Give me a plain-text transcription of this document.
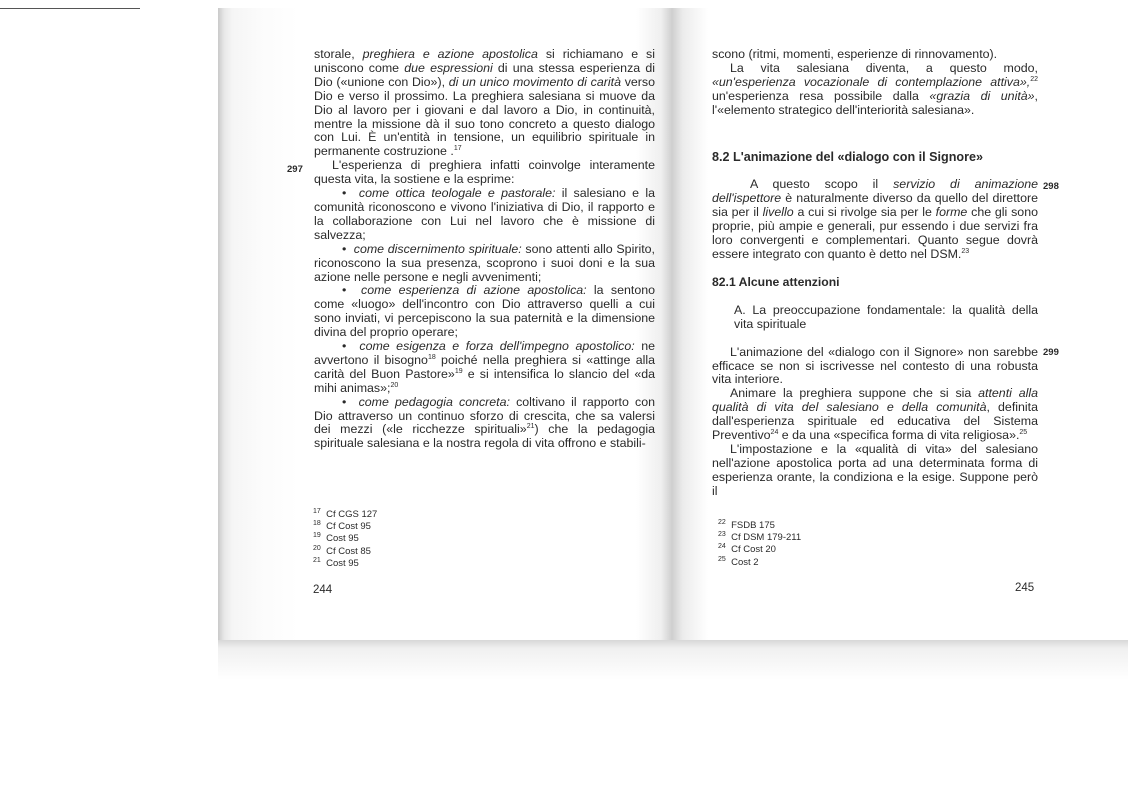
storale, preghiera e azione apostolica si richiamano e si uniscono come due espressioni di una stessa esperienza di Dio («unione con Dio»), di un unico movimento di carità verso Dio e verso il prossimo. La preghiera salesiana si muove da Dio al lavoro per i giovani e dal lavoro a Dio, in continuità, mentre la missione dà il suo tono concreto a questo dialogo con Lui. È un'entità in tensione, un equilibrio spirituale in permanente costruzione .$^{17}$

L'esperienza di preghiera infatti coinvolge interamente questa vita, la sostiene e la esprime:

•  come ottica teologale e pastorale: il salesiano e la comunità riconoscono e vivono l'iniziativa di Dio, il rapporto e la collaborazione con Lui nel lavoro che è missione di salvezza;

•  come discernimento spirituale: sono attenti allo Spirito, riconoscono la sua presenza, scoprono i suoi doni e la sua azione nelle persone e negli avvenimenti;

•  come esperienza di azione apostolica: la sentono come «luogo» dell'incontro con Dio attraverso quelli a cui sono inviati, vi percepiscono la sua paternità e la dimensione divina del proprio operare;

•  come esigenza e forza dell'impegno apostolico: ne avvertono il bisogno$^{18}$ poiché nella preghiera si «attinge alla carità del Buon Pastore»$^{19}$ e si intensifica lo slancio del «da mihi animas»;$^{20}$

•  come pedagogia concreta: coltivano il rapporto con Dio attraverso un continuo sforzo di crescita, che sa valersi dei mezzi («le ricchezze spirituali»$^{21}$) che la pedagogia spirituale salesiana e la nostra regola di vita offrono e stabili-

297
$^{17}$ Cf CGS 127
$^{18}$ Cf Cost 95
$^{19}$ Cost 95
$^{20}$ Cf Cost 85
$^{21}$ Cost 95
244

scono (ritmi, momenti, esperienze di rinnovamento).

La vita salesiana diventa, a questo modo, «un'esperienza vocazionale di contemplazione attiva»,$^{22}$ un'esperienza resa possibile dalla «grazia di unità», l'«elemento strategico dell'interiorità salesiana».

8.2 L'animazione del «dialogo con il Signore»

A questo scopo il servizio di animazione dell'ispettore è naturalmente diverso da quello del direttore sia per il livello a cui si rivolge sia per le forme che gli sono proprie, più ampie e generali, pur essendo i due servizi fra loro convergenti e complementari. Quanto segue dovrà essere integrato con quanto è detto nel DSM.$^{23}$

82.1 Alcune attenzioni

A. La preoccupazione fondamentale: la qualità della vita spirituale

L'animazione del «dialogo con il Signore» non sarebbe efficace se non si iscrivesse nel contesto di una robusta vita interiore.

Animare la preghiera suppone che si sia attenti alla qualità di vita del salesiano e della comunità, definita dall'esperienza spirituale ed educativa del Sistema Preventivo$^{24}$ e da una «specifica forma di vita religiosa».$^{25}$

L'impostazione e la «qualità di vita» del salesiano nell'azione apostolica porta ad una determinata forma di esperienza orante, la condiziona e la esige. Suppone però il

298
299
$^{22}$ FSDB 175
$^{23}$ Cf DSM 179-211
$^{24}$ Cf Cost 20
$^{25}$ Cost 2
245
